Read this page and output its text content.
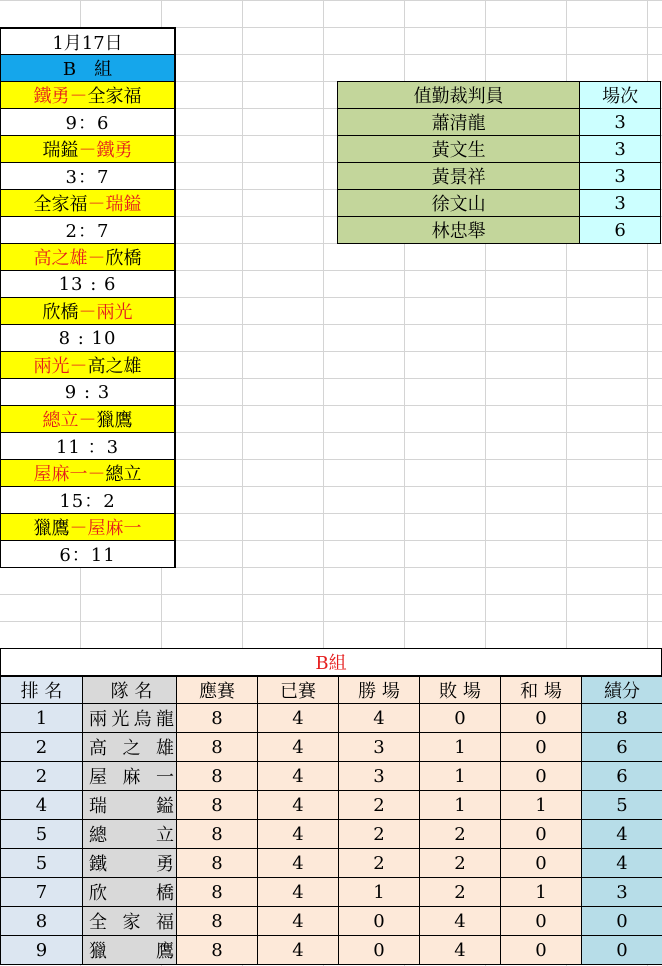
1月17日
B　組
鐵勇 － 全家福
9：6
瑞鎰 － 鐵勇
3：7
全家福 － 瑞鎰
2：7
高之雄 － 欣橋
13 : 6
欣橋 － 兩光
8 : 10
兩光 － 高之雄
9 : 3
總立 － 獵鷹
11 ：3
屋麻一 － 總立
15：2
獵鷹 － 屋麻一
6：11
值勤裁判員	場次
蕭清龍	3
黃文生	3
黃景祥	3
徐文山	3
林忠舉	6
B組
排 名	隊 名	應賽	已賽	勝 場	敗 場	和 場	績分
1	兩光烏龍	8	4	4	0	0	8
2	高之雄	8	4	3	1	0	6
2	屋麻一	8	4	3	1	0	6
4	瑞鎰	8	4	2	1	1	5
5	總立	8	4	2	2	0	4
5	鐵勇	8	4	2	2	0	4
7	欣橋	8	4	1	2	1	3
8	全家福	8	4	0	4	0	0
9	獵鷹	8	4	0	4	0	0
